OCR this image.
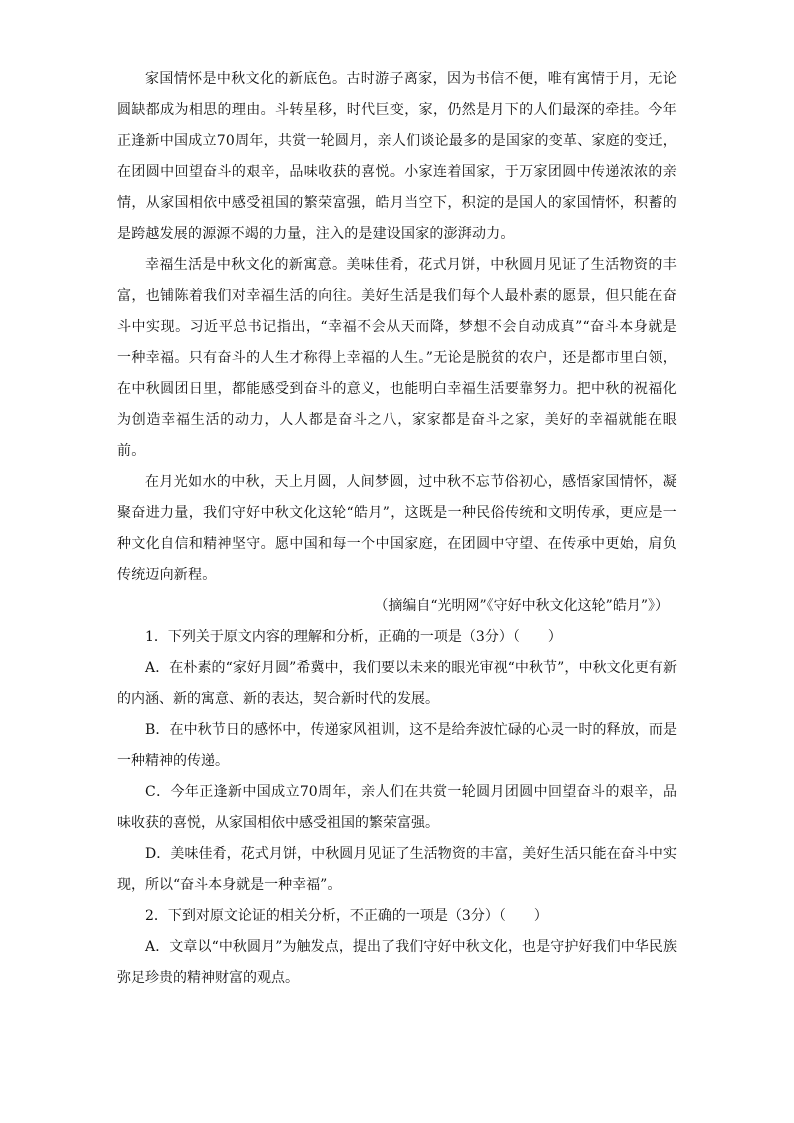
家国情怀是中秋文化的新底色。古时游子离家，因为书信不便，唯有寓情于月，无论圆缺都成为相思的理由。斗转星移，时代巨变，家，仍然是月下的人们最深的牵挂。今年正逢新中国成立70周年，共赏一轮圆月，亲人们谈论最多的是国家的变革、家庭的变迁，在团圆中回望奋斗的艰辛，品味收获的喜悦。小家连着国家，于万家团圆中传递浓浓的亲情，从家国相依中感受祖国的繁荣富强，皓月当空下，积淀的是国人的家国情怀，积蓄的是跨越发展的源源不竭的力量，注入的是建设国家的澎湃动力。

幸福生活是中秋文化的新寓意。美味佳肴，花式月饼，中秋圆月见证了生活物资的丰富，也铺陈着我们对幸福生活的向往。美好生活是我们每个人最朴素的愿景，但只能在奋斗中实现。习近平总书记指出，“幸福不会从天而降，梦想不会自动成真”“奋斗本身就是一种幸福。只有奋斗的人生才称得上幸福的人生。”无论是脱贫的农户，还是都市里白领，在中秋圆团日里，都能感受到奋斗的意义，也能明白幸福生活要靠努力。把中秋的祝福化为创造幸福生活的动力，人人都是奋斗之八，家家都是奋斗之家，美好的幸福就能在眼前。

在月光如水的中秋，天上月圆，人间梦圆，过中秋不忘节俗初心，感悟家国情怀，凝聚奋进力量，我们守好中秋文化这轮“皓月”，这既是一种民俗传统和文明传承，更应是一种文化自信和精神坚守。愿中国和每一个中国家庭，在团圆中守望、在传承中更始，肩负传统迈向新程。

（摘编自“光明网”《守好中秋文化这轮”皓月”》）

1．下列关于原文内容的理解和分析，正确的一项是（3分）（　　）

A．在朴素的“家好月圆”希冀中，我们要以未来的眼光审视“中秋节”，中秋文化更有新的内涵、新的寓意、新的表达，契合新时代的发展。

B．在中秋节日的感怀中，传递家风祖训，这不是给奔波忙碌的心灵一时的释放，而是一种精神的传递。

C．今年正逢新中国成立70周年，亲人们在共赏一轮圆月团圆中回望奋斗的艰辛，品味收获的喜悦，从家国相依中感受祖国的繁荣富强。

D．美味佳肴，花式月饼，中秋圆月见证了生活物资的丰富，美好生活只能在奋斗中实现，所以“奋斗本身就是一种幸福”。

2．下到对原文论证的相关分析，不正确的一项是（3分）（　　）

A．文章以“中秋圆月”为触发点，提出了我们守好中秋文化，也是守护好我们中华民族弥足珍贵的精神财富的观点。
